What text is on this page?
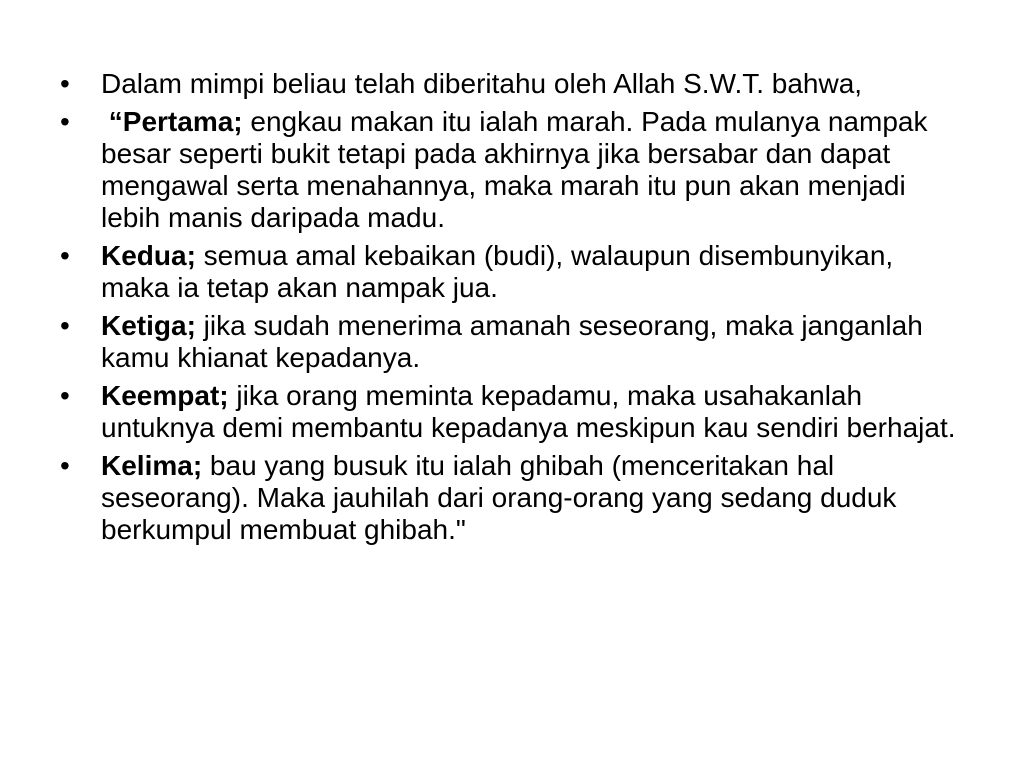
•	Dalam mimpi beliau telah diberitahu oleh Allah S.W.T. bahwa,
•	“Pertama; engkau makan itu ialah marah. Pada mulanya nampak besar seperti bukit tetapi pada akhirnya jika bersabar dan dapat mengawal serta menahannya, maka marah itu pun akan menjadi lebih manis daripada madu.
•	Kedua; semua amal kebaikan (budi), walaupun disembunyikan, maka ia tetap akan nampak jua.
•	Ketiga; jika sudah menerima amanah seseorang, maka janganlah kamu khianat kepadanya.
•	Keempat; jika orang meminta kepadamu, maka usahakanlah untuknya demi membantu kepadanya meskipun kau sendiri berhajat.
•	Kelima; bau yang busuk itu ialah ghibah (menceritakan hal seseorang). Maka jauhilah dari orang-orang yang sedang duduk berkumpul membuat ghibah."
